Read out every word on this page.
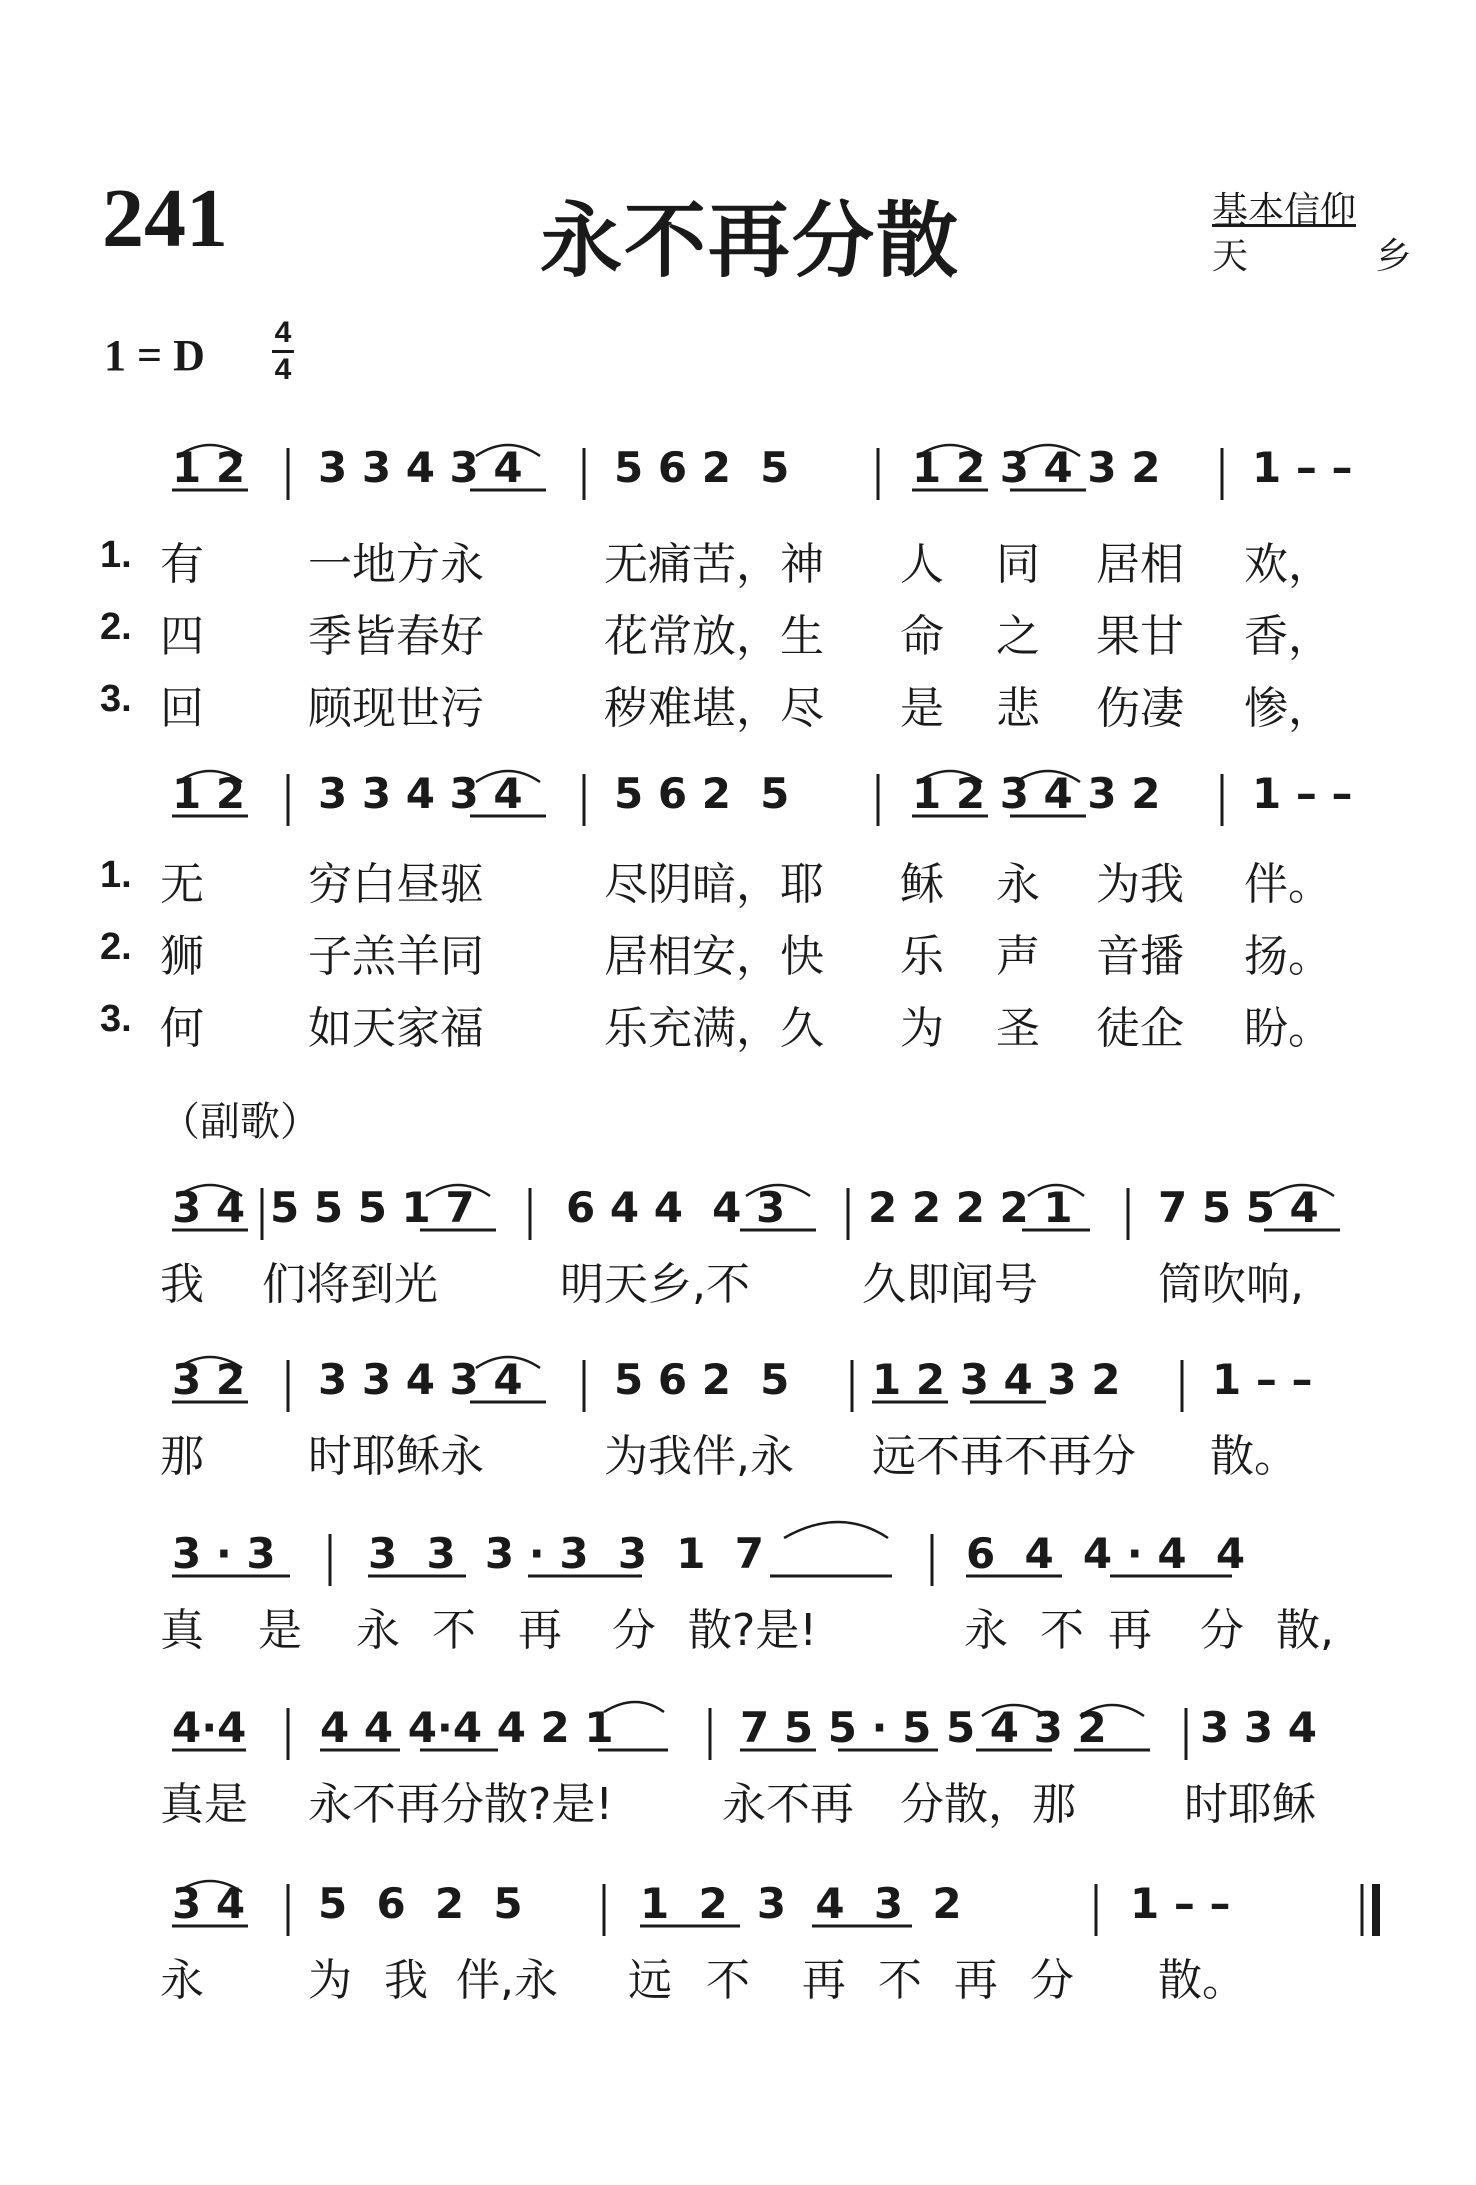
241	永不再分散	基本信仰
天 乡
1 = D 4
4
1 2 3 3 4 3 4 5 6 2  5	1 2 3 4 3 2 1 – –
1. 有 一地方永	无痛苦，神 人 同 居相 欢，
2. 四 季皆春好	花常放，生 命 之 果甘 香，
3. 回 顾现世污	秽难堪，尽 是 悲 伤凄 惨，
1 2 3 3 4 3 4 5 6 2  5	1 2 3 4 3 2 1 – –
1. 无 穷白昼驱	尽阴暗，耶 稣 永 为我 伴。
2. 狮 子羔羊同	居相安，快 乐 声 音播 扬。
3. 何 如天家福	乐充满，久 为 圣 徒企 盼。
（副歌）
3 4 5 5 5 1 7 6 4 4  4 3 2 2 2 2 1 7 5 5 4
我 们将到光	明天乡,不	久即闻号	筒吹响,
3 2 3 3 4 3 4 5 6 2  5 1 2 3 4 3 2 1 – –
那 时耶稣永	为我伴,永 远不再不再分 散。
3 · 3 3  3  3 · 3  3  1  7	6  4  4 · 4  4
真 是 永 不 再 分 散?是!	永 不 再 分 散,
4·4 4 4 4·4 4 2 1	7 5 5 · 5 5 4 3 2 3 3 4
真是 永不再分散?是! 永不再 分散，那 时耶稣
3 4 5  6  2  5	1  2  3  4  3  2	1 – –
永 为 我 伴,永 远 不 再 不 再 分 散。
